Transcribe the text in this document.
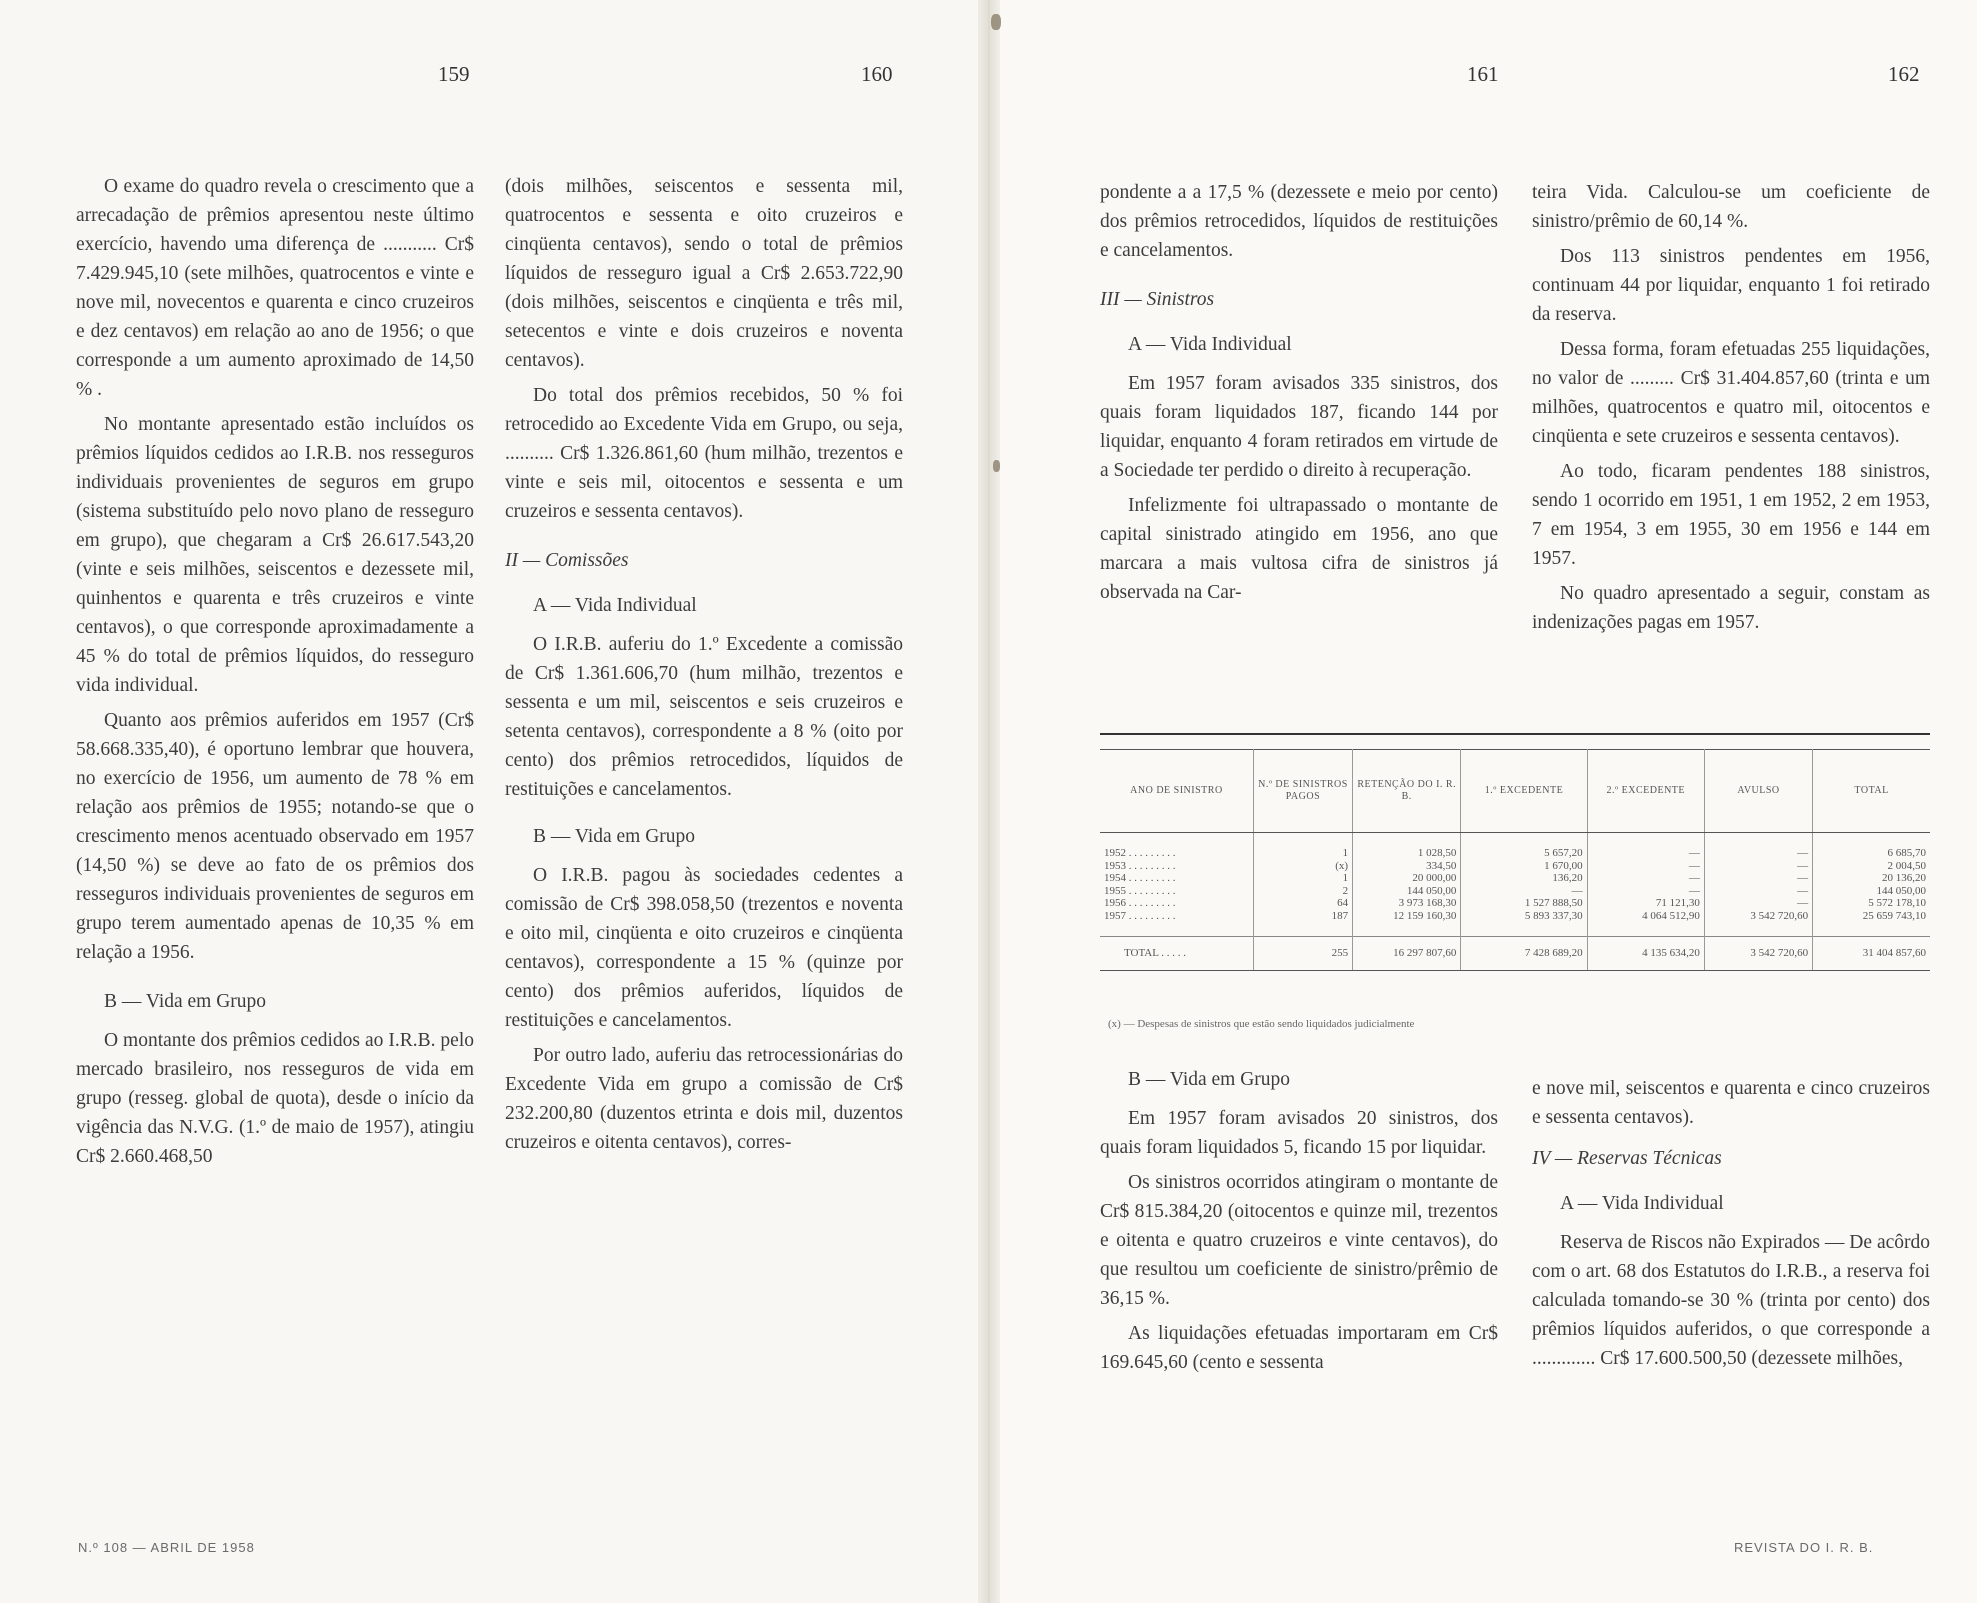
159	160	161	162

O exame do quadro revela o crescimento que a arrecadação de prêmios apresentou neste último exercício, havendo uma diferença de ........... Cr$ 7.429.945,10 (sete milhões, quatrocentos e vinte e nove mil, novecentos e quarenta e cinco cruzeiros e dez centavos) em relação ao ano de 1956; o que corresponde a um aumento aproximado de 14,50 % .

No montante apresentado estão incluídos os prêmios líquidos cedidos ao I.R.B. nos resseguros individuais provenientes de seguros em grupo (sistema substituído pelo novo plano de resseguro em grupo), que chegaram a Cr$ 26.617.543,20 (vinte e seis milhões, seiscentos e dezessete mil, quinhentos e quarenta e três cruzeiros e vinte centavos), o que corresponde aproximadamente a 45 % do total de prêmios líquidos, do resseguro vida individual.

Quanto aos prêmios auferidos em 1957 (Cr$ 58.668.335,40), é oportuno lembrar que houvera, no exercício de 1956, um aumento de 78 % em relação aos prêmios de 1955; notando-se que o crescimento menos acentuado observado em 1957 (14,50 %) se deve ao fato de os prêmios dos resseguros individuais provenientes de seguros em grupo terem aumentado apenas de 10,35 % em relação a 1956.

B — Vida em Grupo

O montante dos prêmios cedidos ao I.R.B. pelo mercado brasileiro, nos resseguros de vida em grupo (resseg. global de quota), desde o início da vigência das N.V.G. (1.º de maio de 1957), atingiu Cr$ 2.660.468,50

(dois milhões, seiscentos e sessenta mil, quatrocentos e sessenta e oito cruzeiros e cinqüenta centavos), sendo o total de prêmios líquidos de resseguro igual a Cr$ 2.653.722,90 (dois milhões, seiscentos e cinqüenta e três mil, setecentos e vinte e dois cruzeiros e noventa centavos).

Do total dos prêmios recebidos, 50 % foi retrocedido ao Excedente Vida em Grupo, ou seja, .......... Cr$ 1.326.861,60 (hum milhão, trezentos e vinte e seis mil, oitocentos e sessenta e um cruzeiros e sessenta centavos).

II — Comissões

A — Vida Individual

O I.R.B. auferiu do 1.º Excedente a comissão de Cr$ 1.361.606,70 (hum milhão, trezentos e sessenta e um mil, seiscentos e seis cruzeiros e setenta centavos), correspondente a 8 % (oito por cento) dos prêmios retrocedidos, líquidos de restituições e cancelamentos.

B — Vida em Grupo

O I.R.B. pagou às sociedades cedentes a comissão de Cr$ 398.058,50 (trezentos e noventa e oito mil, cinqüenta e oito cruzeiros e cinqüenta centavos), correspondente a 15 % (quinze por cento) dos prêmios auferidos, líquidos de restituições e cancelamentos.

Por outro lado, auferiu das retrocessionárias do Excedente Vida em grupo a comissão de Cr$ 232.200,80 (duzentos etrinta e dois mil, duzentos cruzeiros e oitenta centavos), corres-

pondente a a 17,5 % (dezessete e meio por cento) dos prêmios retrocedidos, líquidos de restituições e cancelamentos.

III — Sinistros

A — Vida Individual

Em 1957 foram avisados 335 sinistros, dos quais foram liquidados 187, ficando 144 por liquidar, enquanto 4 foram retirados em virtude de a Sociedade ter perdido o direito à recuperação.

Infelizmente foi ultrapassado o montante de capital sinistrado atingido em 1956, ano que marcara a mais vultosa cifra de sinistros já observada na Car-

teira Vida. Calculou-se um coeficiente de sinistro/prêmio de 60,14 %.

Dos 113 sinistros pendentes em 1956, continuam 44 por liquidar, enquanto 1 foi retirado da reserva.

Dessa forma, foram efetuadas 255 liquidações, no valor de ......... Cr$ 31.404.857,60 (trinta e um milhões, quatrocentos e quatro mil, oitocentos e cinqüenta e sete cruzeiros e sessenta centavos).

Ao todo, ficaram pendentes 188 sinistros, sendo 1 ocorrido em 1951, 1 em 1952, 2 em 1953, 7 em 1954, 3 em 1955, 30 em 1956 e 144 em 1957.

No quadro apresentado a seguir, constam as indenizações pagas em 1957.

ANO DE SINISTRO	N.º DE SINISTROS PAGOS	RETENÇÃO DO I. R. B.	1.º EXCEDENTE	2.º EXCEDENTE	AVULSO	TOTAL

1952 . . . . . . . . .	1	1 028,50	5 657,20	—	—	6 685,70
1953 . . . . . . . . .	(x)	334,50	1 670,00	—	—	2 004,50
1954 . . . . . . . . .	1	20 000,00	136,20	—	—	20 136,20
1955 . . . . . . . . .	2	144 050,00	—	—	—	144 050,00
1956 . . . . . . . . .	64	3 973 168,30	1 527 888,50	71 121,30	—	5 572 178,10
1957 . . . . . . . . .	187	12 159 160,30	5 893 337,30	4 064 512,90	3 542 720,60	25 659 743,10

TOTAL . . . . .	255	16 297 807,60	7 428 689,20	4 135 634,20	3 542 720,60	31 404 857,60
(x) — Despesas de sinistros que estão sendo liquidados judicialmente

B — Vida em Grupo

Em 1957 foram avisados 20 sinistros, dos quais foram liquidados 5, ficando 15 por liquidar.

Os sinistros ocorridos atingiram o montante de Cr$ 815.384,20 (oitocentos e quinze mil, trezentos e oitenta e quatro cruzeiros e vinte centavos), do que resultou um coeficiente de sinistro/prêmio de 36,15 %.

As liquidações efetuadas importaram em Cr$ 169.645,60 (cento e sessenta

e nove mil, seiscentos e quarenta e cinco cruzeiros e sessenta centavos).

IV — Reservas Técnicas

A — Vida Individual

Reserva de Riscos não Expirados — De acôrdo com o art. 68 dos Estatutos do I.R.B., a reserva foi calculada tomando-se 30 % (trinta por cento) dos prêmios líquidos auferidos, o que corresponde a ............. Cr$ 17.600.500,50 (dezessete milhões,

N.º 108 — ABRIL DE 1958	REVISTA DO I. R. B.
